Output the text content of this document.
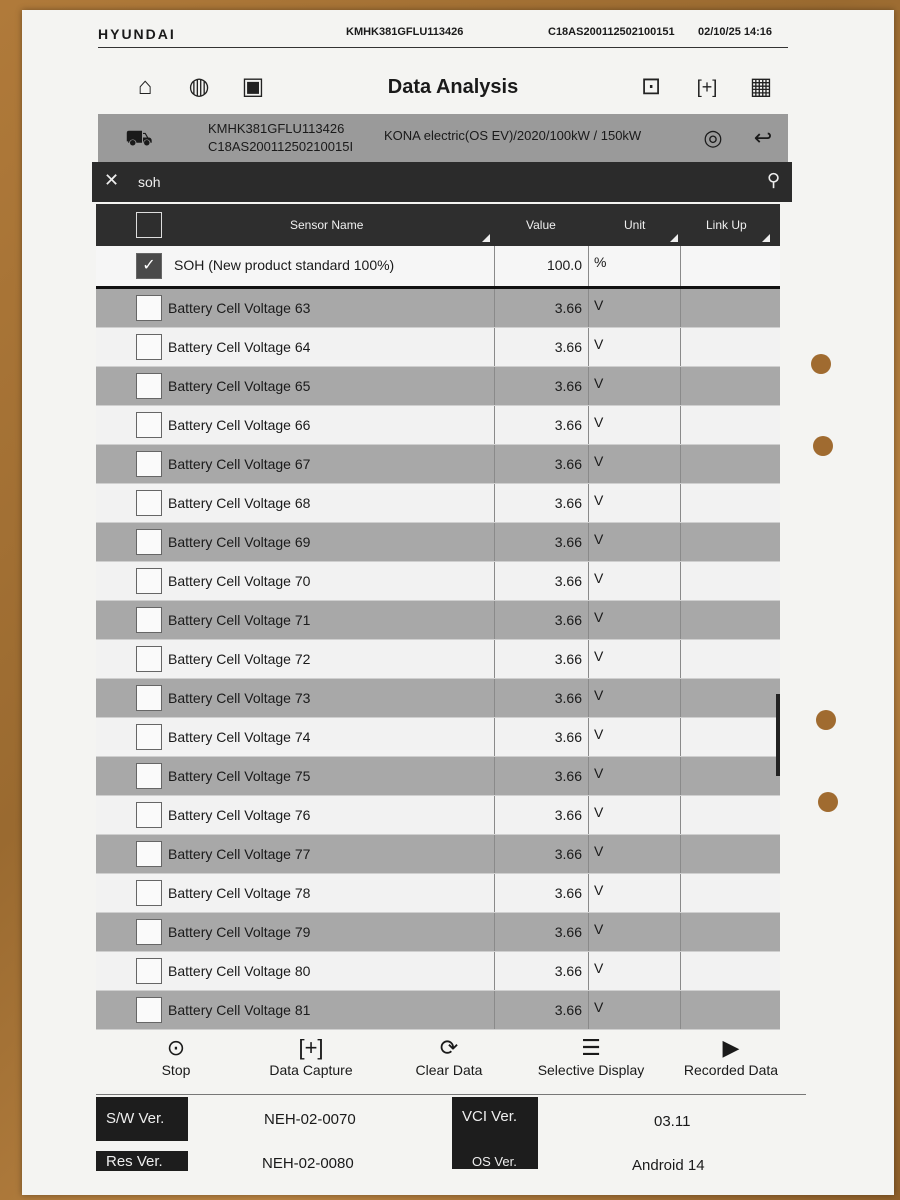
HYUNDAI	KMHK381GFLU113426	C18AS200112502100151 02/10/25 14:16
⌂	◍ ▣	Data Analysis	⊡	[+] ▦
⛟	KMHK381GFLU113426
C18AS20011250210015I
KONA electric(OS EV)/2020/100kW / 150kW	◎	↩
✕ soh	⚲
Sensor Name	Value	Unit	Link Up
✓	SOH (New product standard 100%)	100.0 %
Battery Cell Voltage 63	3.66 V
Battery Cell Voltage 64	3.66 V
Battery Cell Voltage 65	3.66 V
Battery Cell Voltage 66	3.66 V
Battery Cell Voltage 67	3.66 V
Battery Cell Voltage 68	3.66 V
Battery Cell Voltage 69	3.66 V
Battery Cell Voltage 70	3.66 V
Battery Cell Voltage 71	3.66 V
Battery Cell Voltage 72	3.66 V
Battery Cell Voltage 73	3.66 V
Battery Cell Voltage 74	3.66 V
Battery Cell Voltage 75	3.66 V
Battery Cell Voltage 76	3.66 V
Battery Cell Voltage 77	3.66 V
Battery Cell Voltage 78	3.66 V
Battery Cell Voltage 79	3.66 V
Battery Cell Voltage 80	3.66 V
Battery Cell Voltage 81	3.66 V
⊙
Stop
[+]
Data Capture
⟳
Clear Data
☰
Selective Display
▶
Recorded Data
S/W Ver.	NEH-02-0070	VCI Ver.	03.11
Res Ver.	NEH-02-0080	OS Ver.	Android 14
